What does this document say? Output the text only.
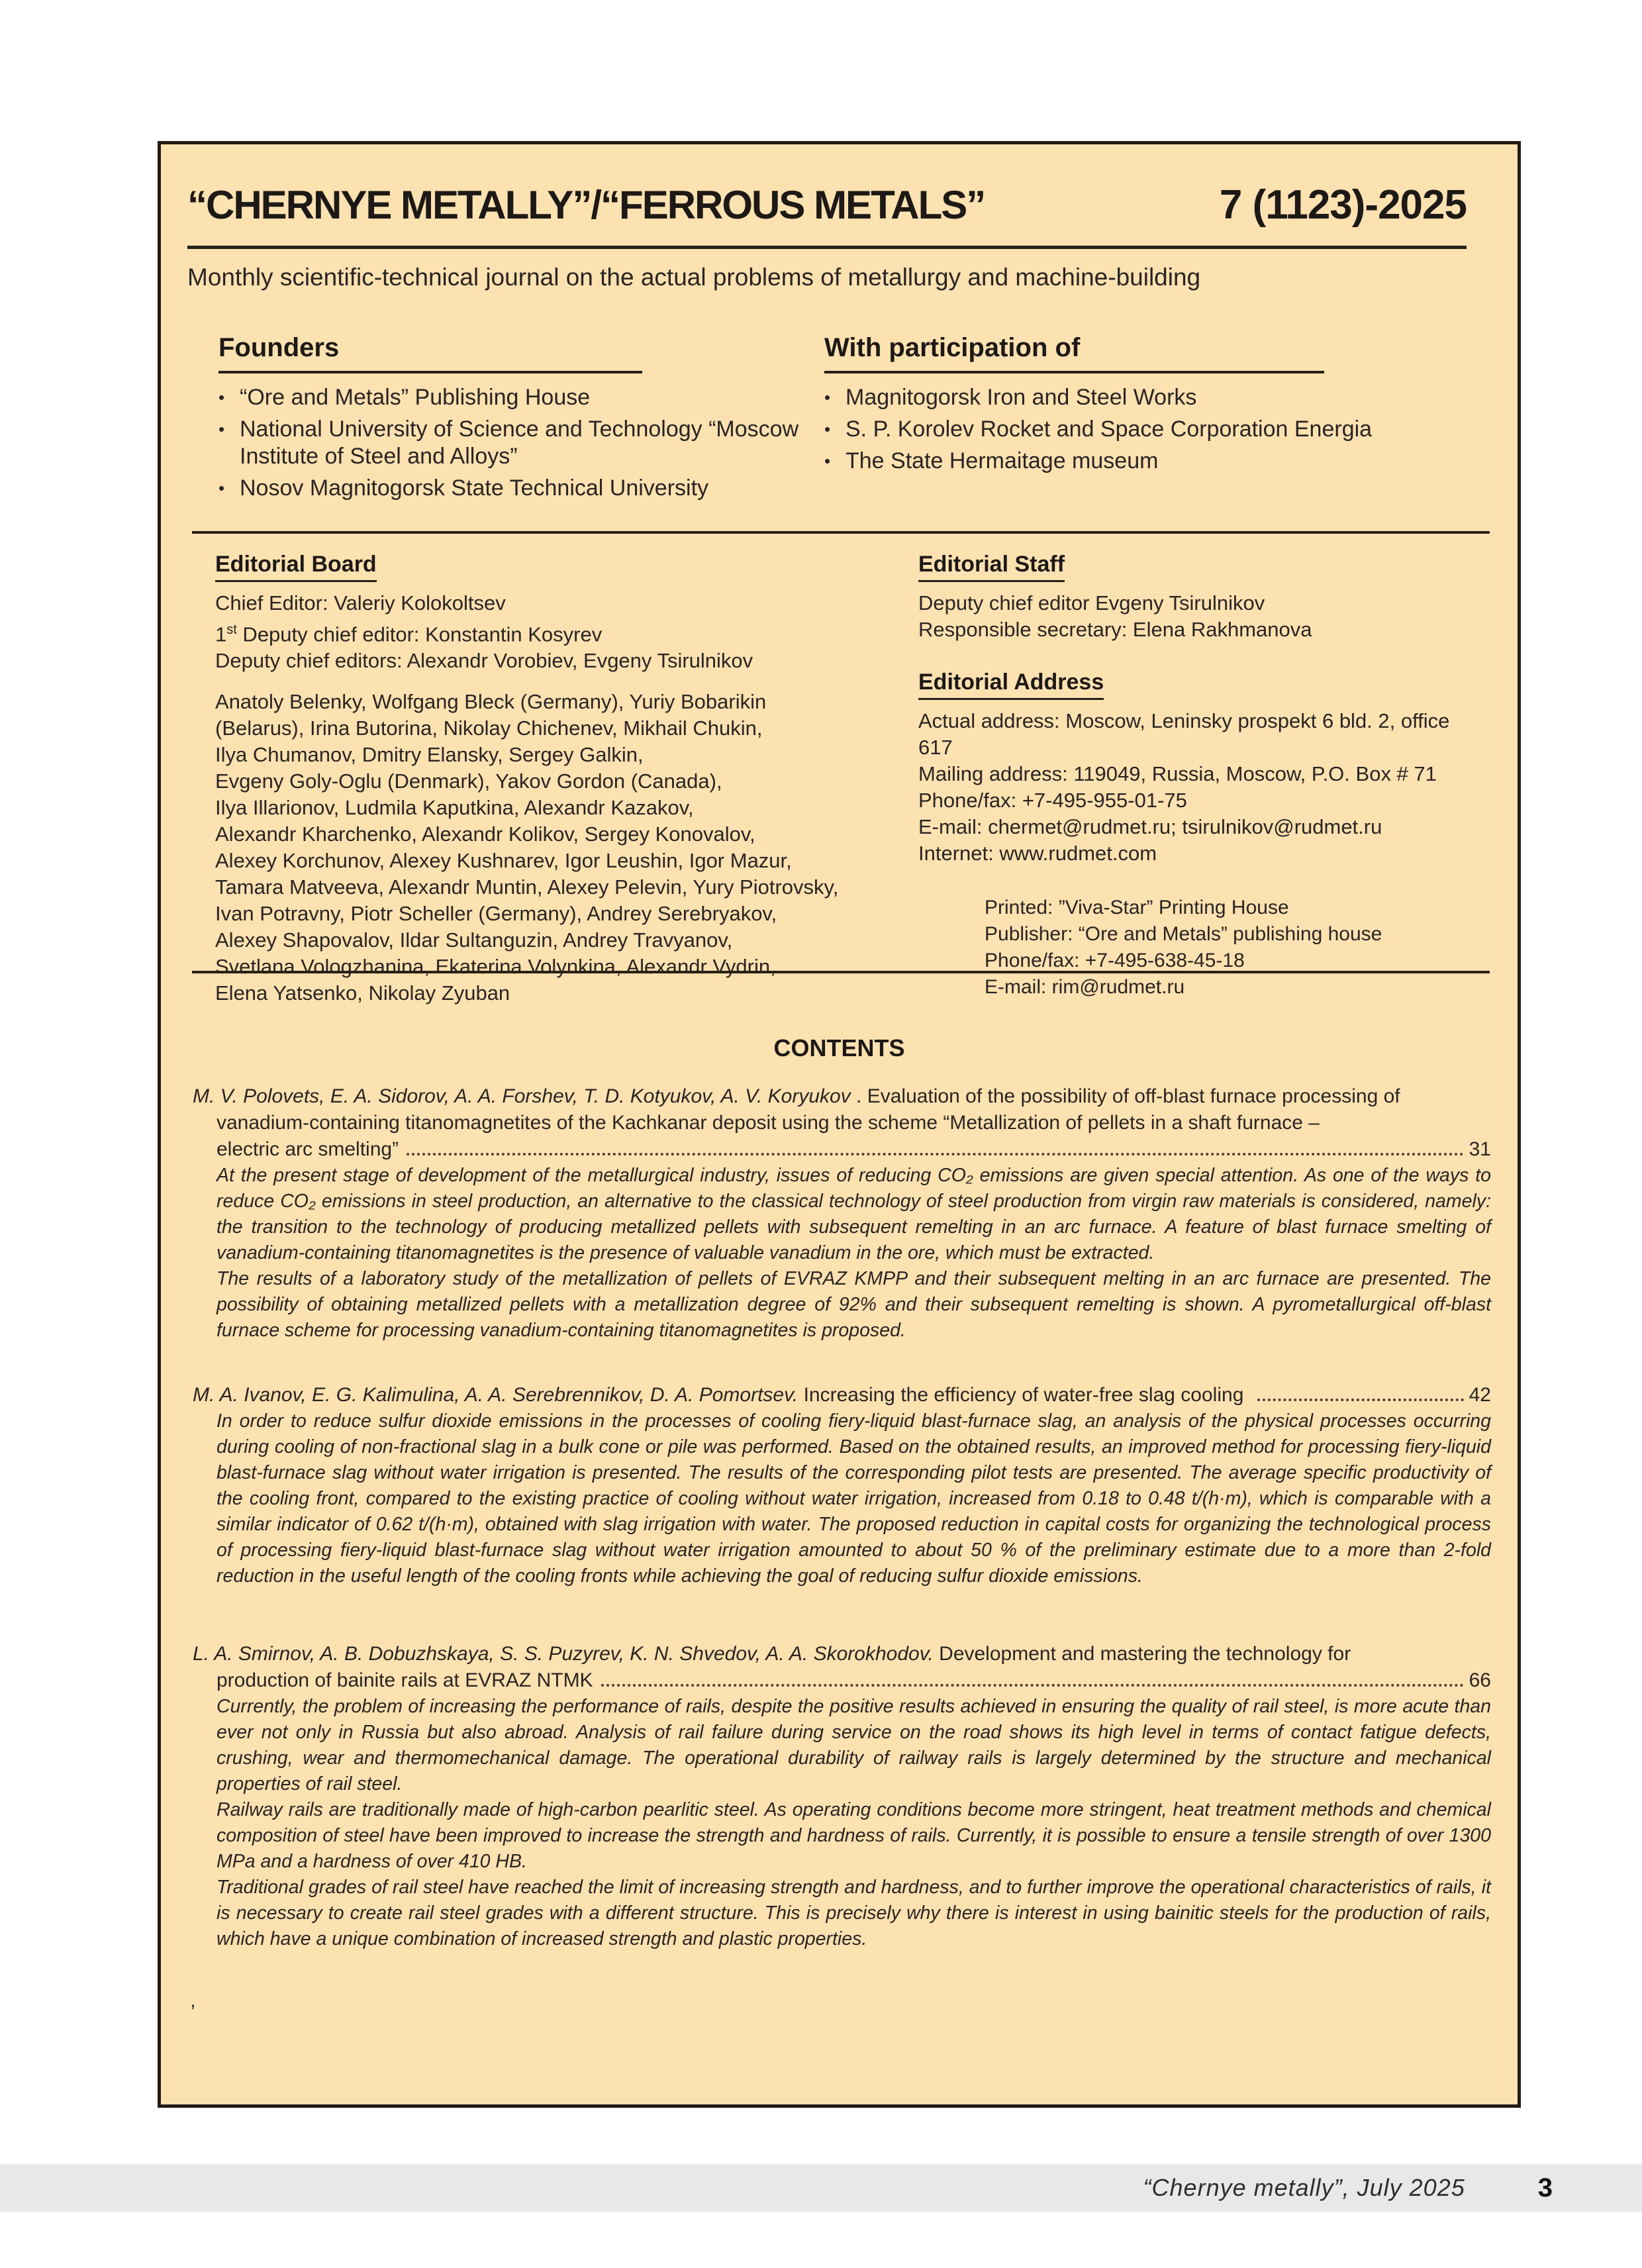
“CHERNYE METALLY”/“FERROUS METALS”	7 (1123)-2025
Monthly scientific-technical journal on the actual problems of metallurgy and machine-building
Founders
• “Ore and Metals” Publishing House
• National University of Science and Technology “Moscow Institute of Steel and Alloys”
• Nosov Magnitogorsk State Technical University
With participation of
• Magnitogorsk Iron and Steel Works
• S. P. Korolev Rocket and Space Corporation Energia
• The State Hermaitage museum
Editorial Board
Chief Editor: Valeriy Kolokoltsev
1st Deputy chief editor: Konstantin Kosyrev
Deputy chief editors: Alexandr Vorobiev, Evgeny Tsirulnikov
Anatoly Belenky, Wolfgang Bleck (Germany), Yuriy Bobarikin
(Belarus), Irina Butorina, Nikolay Chichenev, Mikhail Chukin,
Ilya Chumanov, Dmitry Elansky, Sergey Galkin,
Evgeny Goly-Oglu (Denmark), Yakov Gordon (Canada),
Ilya Illarionov, Ludmila Kaputkina, Alexandr Kazakov,
Alexandr Kharchenko, Alexandr Kolikov, Sergey Konovalov,
Alexey Korchunov, Alexey Kushnarev, Igor Leushin, Igor Mazur,
Tamara Matveeva, Alexandr Muntin, Alexey Pelevin, Yury Piotrovsky,
Ivan Potravny, Piotr Scheller (Germany), Andrey Serebryakov,
Alexey Shapovalov, Ildar Sultanguzin, Andrey Travyanov,
Svetlana Vologzhanina, Ekaterina Volynkina, Alexandr Vydrin,
Elena Yatsenko, Nikolay Zyuban
Editorial Staff
Deputy chief editor Evgeny Tsirulnikov
Responsible secretary: Elena Rakhmanova
Editorial Address
Actual address: Moscow, Leninsky prospekt 6 bld. 2, office 617
Mailing address: 119049, Russia, Moscow, P.O. Box # 71
Phone/fax: +7-495-955-01-75
E-mail: chermet@rudmet.ru; tsirulnikov@rudmet.ru
Internet: www.rudmet.com
Printed: ”Viva-Star” Printing House
Publisher: “Ore and Metals” publishing house
Phone/fax: +7-495-638-45-18
E-mail: rim@rudmet.ru
CONTENTS
M. V. Polovets, E. A. Sidorov, A. A. Forshev, T. D. Kotyukov, A. V. Koryukov . Evaluation of the possibility of off-blast furnace processing of
vanadium-containing titanomagnetites of the Kachkanar deposit using the scheme “Metallization of pellets in a shaft furnace –
electric arc smelting”	31

At the present stage of development of the metallurgical industry, issues of reducing CO₂ emissions are given special attention. As one of the ways to reduce CO₂ emissions in steel production, an alternative to the classical technology of steel production from virgin raw materials is considered, namely: the transition to the technology of producing metallized pellets with subsequent remelting in an arc furnace. A feature of blast furnace smelting of vanadium-containing titanomagnetites is the presence of valuable vanadium in the ore, which must be extracted.

The results of a laboratory study of the metallization of pellets of EVRAZ KMPP and their subsequent melting in an arc furnace are presented. The possibility of obtaining metallized pellets with a metallization degree of 92% and their subsequent remelting is shown. A pyrometallurgical off-blast furnace scheme for processing vanadium-containing titanomagnetites is proposed.

M. A. Ivanov, E. G. Kalimulina, A. A. Serebrennikov, D. A. Pomortsev. Increasing the efficiency of water-free slag cooling	42

In order to reduce sulfur dioxide emissions in the processes of cooling fiery-liquid blast-furnace slag, an analysis of the physical processes occurring during cooling of non-fractional slag in a bulk cone or pile was performed. Based on the obtained results, an improved method for processing fiery-liquid blast-furnace slag without water irrigation is presented. The results of the corresponding pilot tests are presented. The average specific productivity of the cooling front, compared to the existing practice of cooling without water irrigation, increased from 0.18 to 0.48 t/(h·m), which is comparable with a similar indicator of 0.62 t/(h·m), obtained with slag irrigation with water. The proposed reduction in capital costs for organizing the technological process of processing fiery-liquid blast-furnace slag without water irrigation amounted to about 50 % of the preliminary estimate due to a more than 2-fold reduction in the useful length of the cooling fronts while achieving the goal of reducing sulfur dioxide emissions.

L. A. Smirnov, A. B. Dobuzhskaya, S. S. Puzyrev, K. N. Shvedov, A. A. Skorokhodov. Development and mastering the technology for
production of bainite rails at EVRAZ NTMK	66

Currently, the problem of increasing the performance of rails, despite the positive results achieved in ensuring the quality of rail steel, is more acute than ever not only in Russia but also abroad. Analysis of rail failure during service on the road shows its high level in terms of contact fatigue defects, crushing, wear and thermomechanical damage. The operational durability of railway rails is largely determined by the structure and mechanical properties of rail steel.

Railway rails are traditionally made of high-carbon pearlitic steel. As operating conditions become more stringent, heat treatment methods and chemical composition of steel have been improved to increase the strength and hardness of rails. Currently, it is possible to ensure a tensile strength of over 1300 MPa and a hardness of over 410 HB.

Traditional grades of rail steel have reached the limit of increasing strength and hardness, and to further improve the operational characteristics of rails, it is necessary to create rail steel grades with a different structure. This is precisely why there is interest in using bainitic steels for the production of rails, which have a unique combination of increased strength and plastic properties.

’
“Chernye metally”, July 2025	3
